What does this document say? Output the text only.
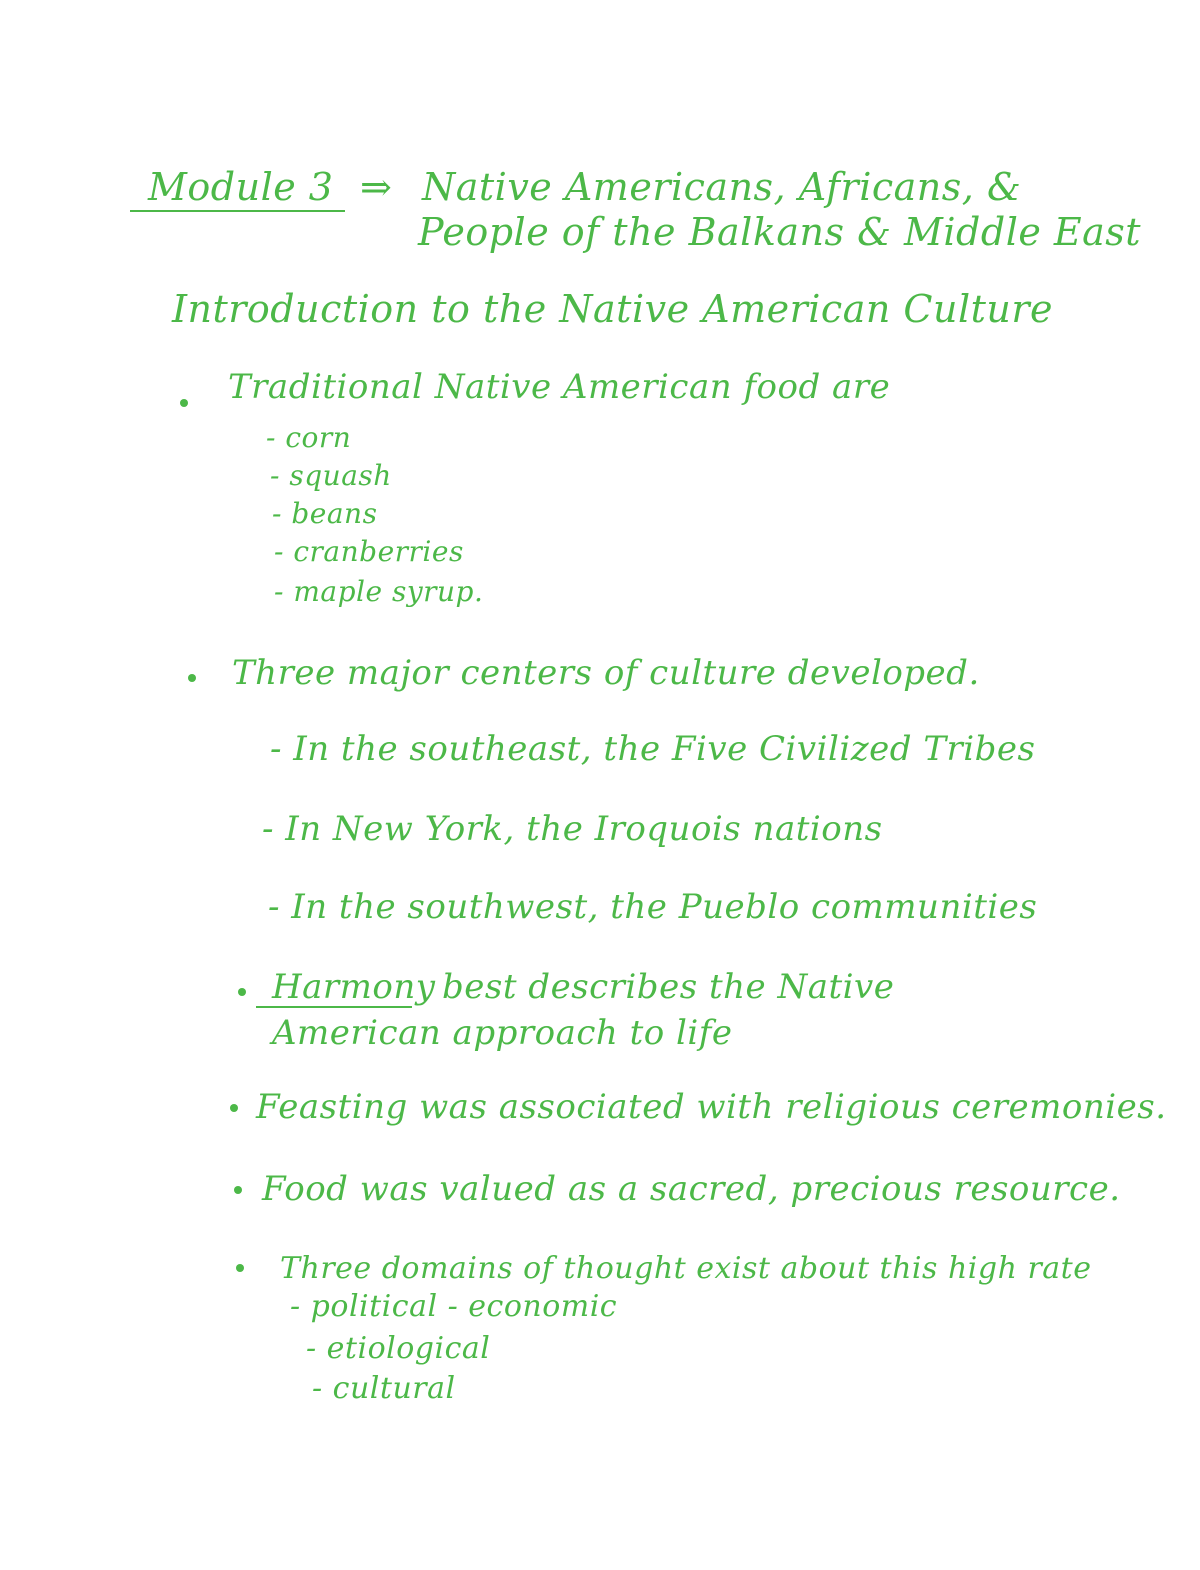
Module 3 ⇒ Native Americans, Africans, &
People of the Balkans & Middle East
Introduction to the Native American Culture
Traditional Native American food are
- corn
- squash
- beans
- cranberries
- maple syrup.
Three major centers of culture developed.
- In the southeast, the Five Civilized Tribes
- In New York, the Iroquois nations
- In the southwest, the Pueblo communities
Harmony best describes the Native
American approach to life
Feasting was associated with religious ceremonies.
Food was valued as a sacred, precious resource.
Three domains of thought exist about this high rate
- political - economic
- etiological
- cultural
